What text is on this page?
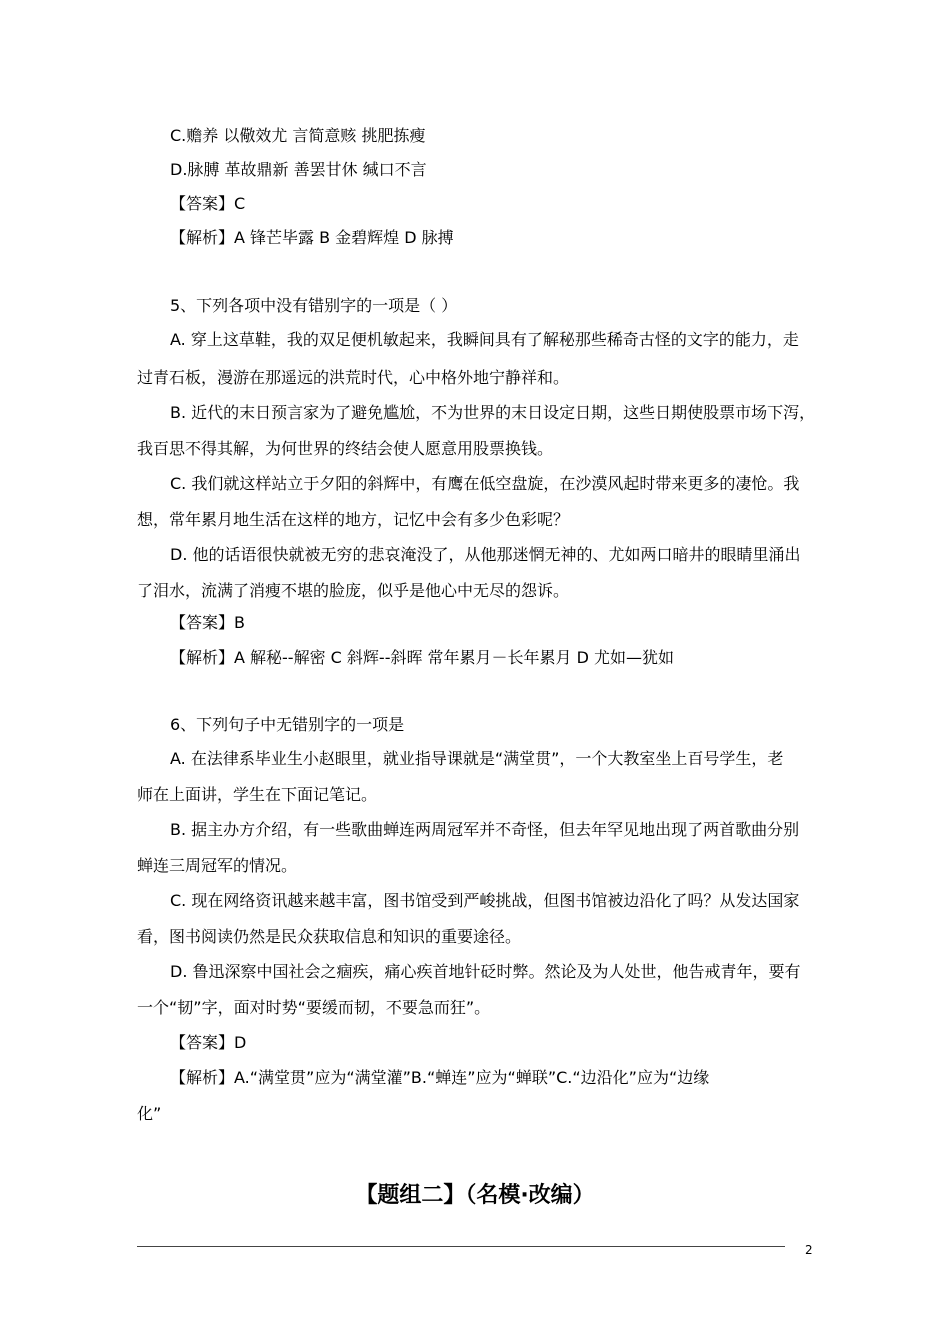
C.赡养 以儆效尤 言简意赅 挑肥拣瘦
D.脉膊 革故鼎新 善罢甘休 缄口不言
【答案】C
【解析】A 锋芒毕露 B 金碧辉煌 D 脉搏
5、下列各项中没有错别字的一项是（ ）
A. 穿上这草鞋，我的双足便机敏起来，我瞬间具有了解秘那些稀奇古怪的文字的能力，走
过青石板，漫游在那遥远的洪荒时代，心中格外地宁静祥和。
B. 近代的末日预言家为了避免尴尬，不为世界的末日设定日期，这些日期使股票市场下泻，
我百思不得其解，为何世界的终结会使人愿意用股票换钱。
C. 我们就这样站立于夕阳的斜辉中，有鹰在低空盘旋，在沙漠风起时带来更多的凄怆。我
想，常年累月地生活在这样的地方，记忆中会有多少色彩呢？
D. 他的话语很快就被无穷的悲哀淹没了，从他那迷惘无神的、尤如两口暗井的眼睛里涌出
了泪水，流满了消瘦不堪的脸庞，似乎是他心中无尽的怨诉。
【答案】B
【解析】A 解秘--解密 C 斜辉--斜晖 常年累月－长年累月 D 尤如—犹如
6、下列句子中无错别字的一项是
A. 在法律系毕业生小赵眼里，就业指导课就是“满堂贯”，一个大教室坐上百号学生，老
师在上面讲，学生在下面记笔记。
B. 据主办方介绍，有一些歌曲蝉连两周冠军并不奇怪，但去年罕见地出现了两首歌曲分别
蝉连三周冠军的情况。
C. 现在网络资讯越来越丰富，图书馆受到严峻挑战，但图书馆被边沿化了吗？从发达国家
看，图书阅读仍然是民众获取信息和知识的重要途径。
D. 鲁迅深察中国社会之痼疾，痛心疾首地针砭时弊。然论及为人处世，他告戒青年，要有
一个“韧”字，面对时势“要缓而韧，不要急而狂”。
【答案】D
【解析】A.“满堂贯”应为“满堂灌”B.“蝉连”应为“蝉联”C.“边沿化”应为“边缘
化”
【题组二】（名模·改编）
2
